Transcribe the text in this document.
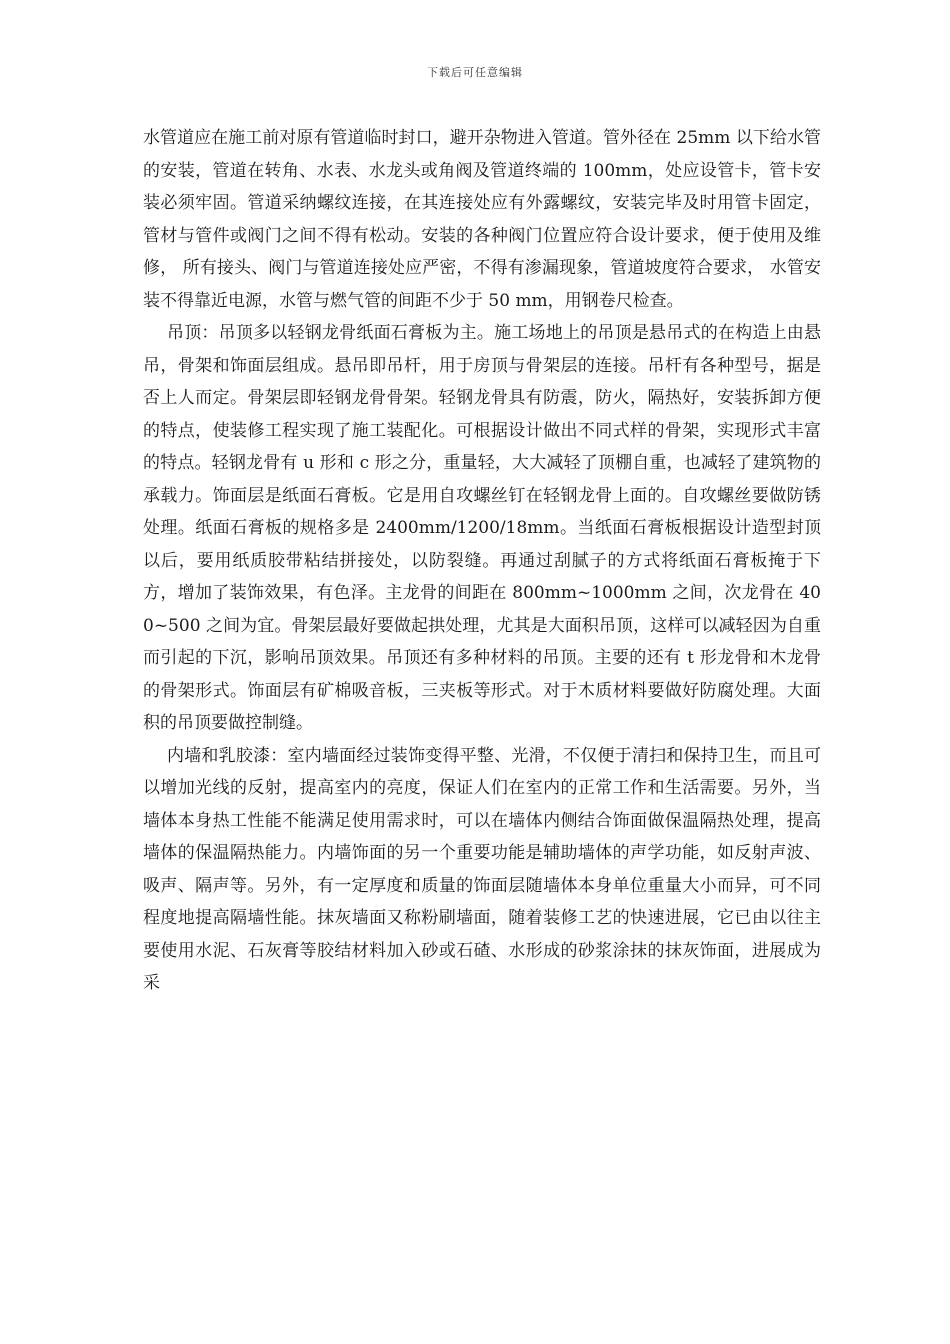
下载后可任意编辑

水管道应在施工前对原有管道临时封口，避开杂物进入管道。管外径在 25mm 以下给水管的安装，管道在转角、水表、水龙头或角阀及管道终端的 100mm，处应设管卡，管卡安装必须牢固。管道采纳螺纹连接，在其连接处应有外露螺纹，安装完毕及时用管卡固定，管材与管件或阀门之间不得有松动。安装的各种阀门位置应符合设计要求，便于使用及维修， 所有接头、阀门与管道连接处应严密，不得有渗漏现象，管道坡度符合要求， 水管安装不得靠近电源，水管与燃气管的间距不少于 50 mm，用钢卷尺检查。

吊顶：吊顶多以轻钢龙骨纸面石膏板为主。施工场地上的吊顶是悬吊式的在构造上由悬吊，骨架和饰面层组成。悬吊即吊杆，用于房顶与骨架层的连接。吊杆有各种型号，据是否上人而定。骨架层即轻钢龙骨骨架。轻钢龙骨具有防震，防火，隔热好，安装拆卸方便的特点，使装修工程实现了施工装配化。可根据设计做出不同式样的骨架，实现形式丰富的特点。轻钢龙骨有 u 形和 c 形之分，重量轻，大大减轻了顶棚自重，也减轻了建筑物的承载力。饰面层是纸面石膏板。它是用自攻螺丝钉在轻钢龙骨上面的。自攻螺丝要做防锈处理。纸面石膏板的规格多是 2400mm/1200/18mm。当纸面石膏板根据设计造型封顶以后，要用纸质胶带粘结拼接处，以防裂缝。再通过刮腻子的方式将纸面石膏板掩于下方，增加了装饰效果，有色泽。主龙骨的间距在 800mm~1000mm 之间，次龙骨在 400~500 之间为宜。骨架层最好要做起拱处理，尤其是大面积吊顶，这样可以减轻因为自重而引起的下沉，影响吊顶效果。吊顶还有多种材料的吊顶。主要的还有 t 形龙骨和木龙骨的骨架形式。饰面层有矿棉吸音板，三夹板等形式。对于木质材料要做好防腐处理。大面积的吊顶要做控制缝。

内墙和乳胶漆：室内墙面经过装饰变得平整、光滑，不仅便于清扫和保持卫生，而且可以增加光线的反射，提高室内的亮度，保证人们在室内的正常工作和生活需要。另外，当墙体本身热工性能不能满足使用需求时，可以在墙体内侧结合饰面做保温隔热处理，提高墙体的保温隔热能力。内墙饰面的另一个重要功能是辅助墙体的声学功能，如反射声波、吸声、隔声等。另外，有一定厚度和质量的饰面层随墙体本身单位重量大小而异，可不同程度地提高隔墙性能。抹灰墙面又称粉刷墙面，随着装修工艺的快速进展，它已由以往主要使用水泥、石灰膏等胶结材料加入砂或石碴、水形成的砂浆涂抹的抹灰饰面，进展成为采
